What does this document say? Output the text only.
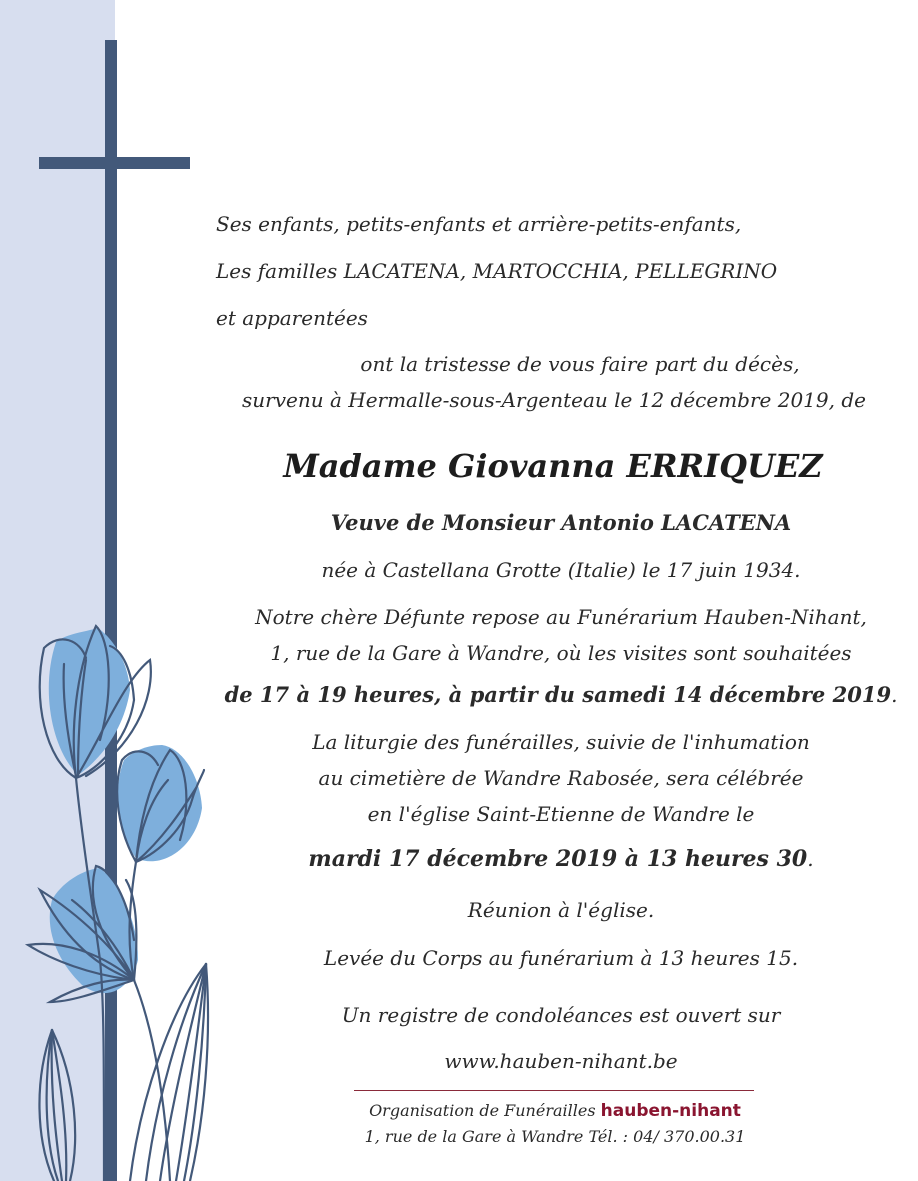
Ses enfants, petits-enfants et arrière-petits-enfants,
Les familles LACATENA, MARTOCCHIA, PELLEGRINO
et apparentées
ont la tristesse de vous faire part du décès,
survenu à Hermalle-sous-Argenteau le 12 décembre 2019, de
Madame Giovanna ERRIQUEZ
Veuve de Monsieur Antonio LACATENA
née à Castellana Grotte (Italie) le 17 juin 1934.
Notre chère Défunte repose au Funérarium Hauben-Nihant,
1, rue de la Gare à Wandre, où les visites sont souhaitées
de 17 à 19 heures, à partir du samedi 14 décembre 2019.
La liturgie des funérailles, suivie de l'inhumation
au cimetière de Wandre Rabosée, sera célébrée
en l'église Saint-Etienne de Wandre le
mardi 17 décembre 2019 à 13 heures 30.
Réunion à l'église.
Levée du Corps au funérarium à 13 heures 15.
Un registre de condoléances est ouvert sur
www.hauben-nihant.be
Organisation de Funérailles hauben-nihant
1, rue de la Gare à Wandre Tél. : 04/ 370.00.31
